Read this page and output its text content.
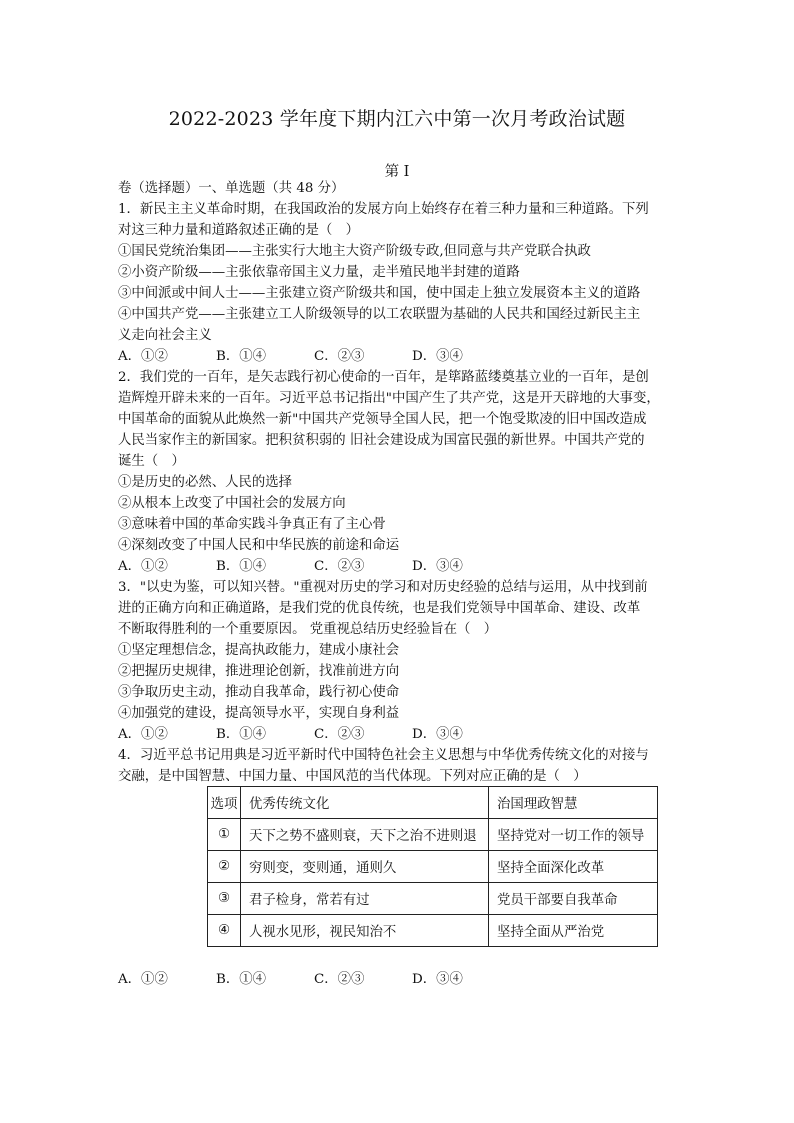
2022-2023 学年度下期内江六中第一次月考政治试题
第 I
卷（选择题）一、单选题（共 48 分）
1．新民主主义革命时期，在我国政治的发展方向上始终存在着三种力量和三种道路。下列
对这三种力量和道路叙述正确的是（　）
①国民党统治集团——主张实行大地主大资产阶级专政,但同意与共产党联合执政
②小资产阶级——主张依靠帝国主义力量，走半殖民地半封建的道路
③中间派或中间人士——主张建立资产阶级共和国，使中国走上独立发展资本主义的道路
④中国共产党——主张建立工人阶级领导的以工农联盟为基础的人民共和国经过新民主主
义走向社会主义
A．①②	B．①④	C．②③	D．③④
2．我们党的一百年，是矢志践行初心使命的一百年，是筚路蓝缕奠基立业的一百年，是创
造辉煌开辟未来的一百年。习近平总书记指出"中国产生了共产党，这是开天辟地的大事变，
中国革命的面貌从此焕然一新"中国共产党领导全国人民，把一个饱受欺凌的旧中国改造成
人民当家作主的新国家。把积贫积弱的 旧社会建设成为国富民强的新世界。中国共产党的
诞生（　）
①是历史的必然、人民的选择
②从根本上改变了中国社会的发展方向
③意味着中国的革命实践斗争真正有了主心骨
④深刻改变了中国人民和中华民族的前途和命运
A．①②	B．①④	C．②③	D．③④
3．"以史为鉴，可以知兴替。"重视对历史的学习和对历史经验的总结与运用，从中找到前
进的正确方向和正确道路，是我们党的优良传统，也是我们党领导中国革命、建设、改革
不断取得胜利的一个重要原因。 党重视总结历史经验旨在（　）
①坚定理想信念，提高执政能力，建成小康社会
②把握历史规律，推进理论创新，找准前进方向
③争取历史主动，推动自我革命，践行初心使命
④加强党的建设，提高领导水平，实现自身利益
A．①②	B．①④	C．②③	D．③④
4．习近平总书记用典是习近平新时代中国特色社会主义思想与中华优秀传统文化的对接与
交融，是中国智慧、中国力量、中国风范的当代体现。下列对应正确的是（　）
选项	优秀传统文化	治国理政智慧
①	天下之势不盛则衰，天下之治不进则退	坚持党对一切工作的领导
②	穷则变，变则通，通则久	坚持全面深化改革
③	君子检身，常若有过	党员干部要自我革命
④	人视水见形，视民知治不	坚持全面从严治党
A．①②	B．①④	C．②③	D．③④
